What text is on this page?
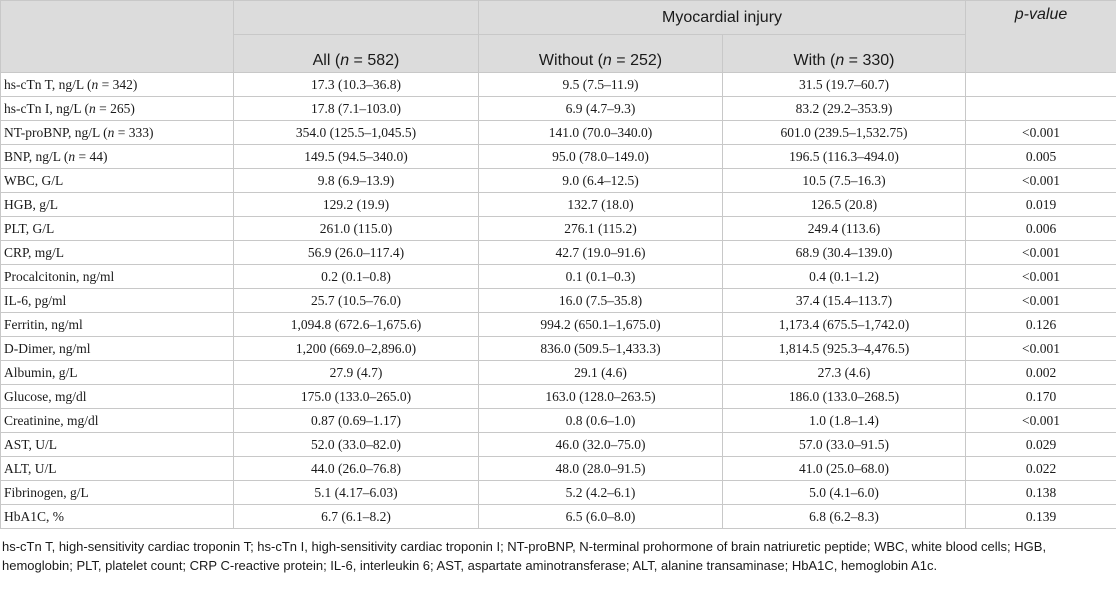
		Myocardial injury		p-value
	All (n = 582)	Without (n = 252)	With (n = 330)	
hs-cTn T, ng/L (n = 342)	17.3 (10.3–36.8)	9.5 (7.5–11.9)	31.5 (19.7–60.7)	
hs-cTn I, ng/L (n = 265)	17.8 (7.1–103.0)	6.9 (4.7–9.3)	83.2 (29.2–353.9)	
NT-proBNP, ng/L (n = 333)	354.0 (125.5–1,045.5)	141.0 (70.0–340.0)	601.0 (239.5–1,532.75)	<0.001
BNP, ng/L (n = 44)	149.5 (94.5–340.0)	95.0 (78.0–149.0)	196.5 (116.3–494.0)	0.005
WBC, G/L	9.8 (6.9–13.9)	9.0 (6.4–12.5)	10.5 (7.5–16.3)	<0.001
HGB, g/L	129.2 (19.9)	132.7 (18.0)	126.5 (20.8)	0.019
PLT, G/L	261.0 (115.0)	276.1 (115.2)	249.4 (113.6)	0.006
CRP, mg/L	56.9 (26.0–117.4)	42.7 (19.0–91.6)	68.9 (30.4–139.0)	<0.001
Procalcitonin, ng/ml	0.2 (0.1–0.8)	0.1 (0.1–0.3)	0.4 (0.1–1.2)	<0.001
IL-6, pg/ml	25.7 (10.5–76.0)	16.0 (7.5–35.8)	37.4 (15.4–113.7)	<0.001
Ferritin, ng/ml	1,094.8 (672.6–1,675.6)	994.2 (650.1–1,675.0)	1,173.4 (675.5–1,742.0)	0.126
D-Dimer, ng/ml	1,200 (669.0–2,896.0)	836.0 (509.5–1,433.3)	1,814.5 (925.3–4,476.5)	<0.001
Albumin, g/L	27.9 (4.7)	29.1 (4.6)	27.3 (4.6)	0.002
Glucose, mg/dl	175.0 (133.0–265.0)	163.0 (128.0–263.5)	186.0 (133.0–268.5)	0.170
Creatinine, mg/dl	0.87 (0.69–1.17)	0.8 (0.6–1.0)	1.0 (1.8–1.4)	<0.001
AST, U/L	52.0 (33.0–82.0)	46.0 (32.0–75.0)	57.0 (33.0–91.5)	0.029
ALT, U/L	44.0 (26.0–76.8)	48.0 (28.0–91.5)	41.0 (25.0–68.0)	0.022
Fibrinogen, g/L	5.1 (4.17–6.03)	5.2 (4.2–6.1)	5.0 (4.1–6.0)	0.138
HbA1C, %	6.7 (6.1–8.2)	6.5 (6.0–8.0)	6.8 (6.2–8.3)	0.139
hs-cTn T, high-sensitivity cardiac troponin T; hs-cTn I, high-sensitivity cardiac troponin I; NT-proBNP, N-terminal prohormone of brain natriuretic peptide; WBC, white blood cells; HGB, hemoglobin; PLT, platelet count; CRP C-reactive protein; IL-6, interleukin 6; AST, aspartate aminotransferase; ALT, alanine transaminase; HbA1C, hemoglobin A1c.
